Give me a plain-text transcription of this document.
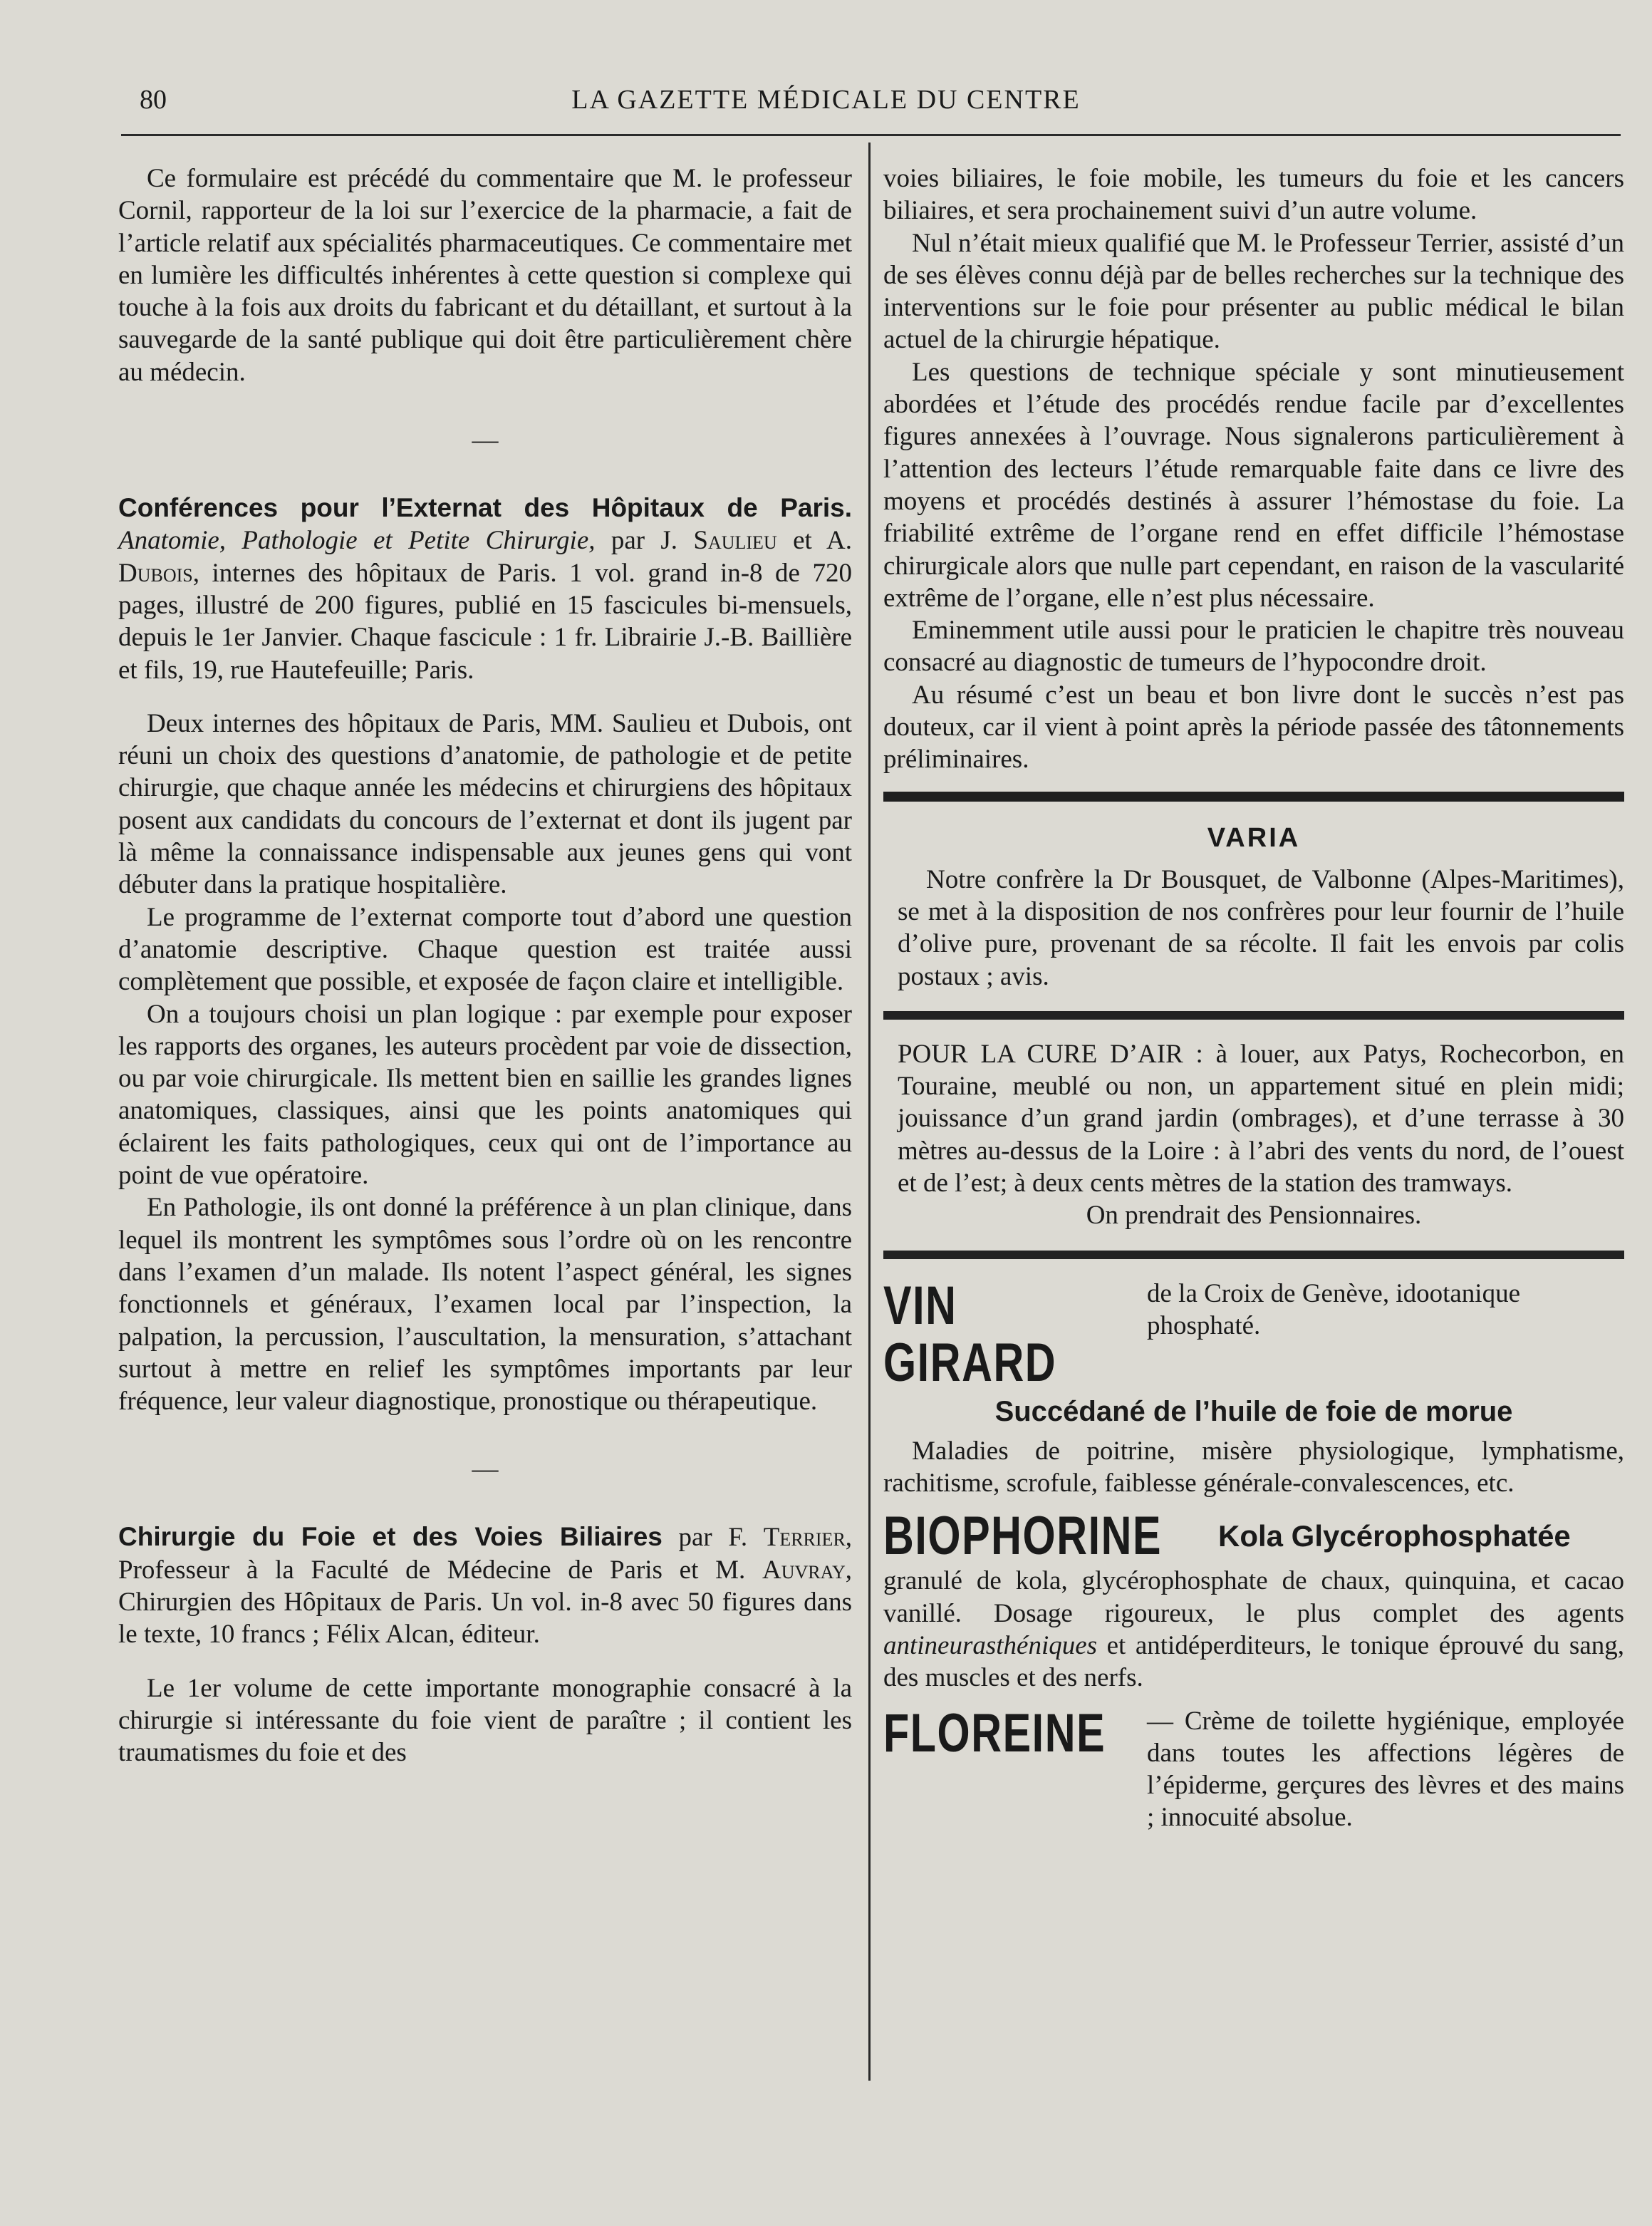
80	LA GAZETTE MÉDICALE DU CENTRE

Ce formulaire est précédé du commentaire que M. le professeur Cornil, rapporteur de la loi sur l’exercice de la pharmacie, a fait de l’article relatif aux spécialités pharmaceutiques. Ce commentaire met en lumière les difficultés inhérentes à cette question si complexe qui touche à la fois aux droits du fabricant et du détaillant, et surtout à la sauvegarde de la santé publique qui doit être particulièrement chère au médecin.

—

Conférences pour l’Externat des Hôpitaux de Paris. Anatomie, Pathologie et Petite Chirurgie, par J. Saulieu et A. Dubois, internes des hôpitaux de Paris. 1 vol. grand in-8 de 720 pages, illustré de 200 figures, publié en 15 fascicules bi-mensuels, depuis le 1er Janvier. Chaque fascicule : 1 fr. Librairie J.-B. Baillière et fils, 19, rue Hautefeuille; Paris.

Deux internes des hôpitaux de Paris, MM. Saulieu et Dubois, ont réuni un choix des questions d’anatomie, de pathologie et de petite chirurgie, que chaque année les médecins et chirurgiens des hôpitaux posent aux candidats du concours de l’externat et dont ils jugent par là même la connaissance indispensable aux jeunes gens qui vont débuter dans la pratique hospitalière.

Le programme de l’externat comporte tout d’abord une question d’anatomie descriptive. Chaque question est traitée aussi complètement que possible, et exposée de façon claire et intelligible.

On a toujours choisi un plan logique : par exemple pour exposer les rapports des organes, les auteurs procèdent par voie de dissection, ou par voie chirurgicale. Ils mettent bien en saillie les grandes lignes anatomiques, classiques, ainsi que les points anatomiques qui éclairent les faits pathologiques, ceux qui ont de l’importance au point de vue opératoire.

En Pathologie, ils ont donné la préférence à un plan clinique, dans lequel ils montrent les symptômes sous l’ordre où on les rencontre dans l’examen d’un malade. Ils notent l’aspect général, les signes fonctionnels et généraux, l’examen local par l’inspection, la palpation, la percussion, l’auscultation, la mensuration, s’attachant surtout à mettre en relief les symptômes importants par leur fréquence, leur valeur diagnostique, pronostique ou thérapeutique.

—

Chirurgie du Foie et des Voies Biliaires par F. Terrier, Professeur à la Faculté de Médecine de Paris et M. Auvray, Chirurgien des Hôpitaux de Paris. Un vol. in-8 avec 50 figures dans le texte, 10 francs ; Félix Alcan, éditeur.

Le 1er volume de cette importante monographie consacré à la chirurgie si intéressante du foie vient de paraître ; il contient les traumatismes du foie et des

voies biliaires, le foie mobile, les tumeurs du foie et les cancers biliaires, et sera prochainement suivi d’un autre volume.

Nul n’était mieux qualifié que M. le Professeur Terrier, assisté d’un de ses élèves connu déjà par de belles recherches sur la technique des interventions sur le foie pour présenter au public médical le bilan actuel de la chirurgie hépatique.

Les questions de technique spéciale y sont minutieusement abordées et l’étude des procédés rendue facile par d’excellentes figures annexées à l’ouvrage. Nous signalerons particulièrement à l’attention des lecteurs l’étude remarquable faite dans ce livre des moyens et procédés destinés à assurer l’hémostase du foie. La friabilité extrême de l’organe rend en effet difficile l’hémostase chirurgicale alors que nulle part cependant, en raison de la vascularité extrême de l’organe, elle n’est plus nécessaire.

Eminemment utile aussi pour le praticien le chapitre très nouveau consacré au diagnostic de tumeurs de l’hypocondre droit.

Au résumé c’est un beau et bon livre dont le succès n’est pas douteux, car il vient à point après la période passée des tâtonnements préliminaires.

VARIA

Notre confrère la Dr Bousquet, de Valbonne (Alpes-Maritimes), se met à la disposition de nos confrères pour leur fournir de l’huile d’olive pure, provenant de sa récolte. Il fait les envois par colis postaux ; avis.

POUR LA CURE D’AIR : à louer, aux Patys, Rochecorbon, en Touraine, meublé ou non, un appartement situé en plein midi; jouissance d’un grand jardin (ombrages), et d’une terrasse à 30 mètres au-dessus de la Loire : à l’abri des vents du nord, de l’ouest et de l’est; à deux cents mètres de la station des tramways.

On prendrait des Pensionnaires.

VIN GIRARD
de la Croix de Genève, idootanique phosphaté.
Succédané de l’huile de foie de morue

Maladies de poitrine, misère physiologique, lymphatisme, rachitisme, scrofule, faiblesse générale-convalescences, etc.

BIOPHORINE Kola Glycérophosphatée

granulé de kola, glycérophosphate de chaux, quinquina, et cacao vanillé. Dosage rigoureux, le plus complet des agents antineurasthéniques et antidéperditeurs, le tonique éprouvé du sang, des muscles et des nerfs.

FLOREINE — Crème de toilette hygiénique, employée dans toutes les affections légères de l’épiderme, gerçures des lèvres et des mains ; innocuité absolue.
